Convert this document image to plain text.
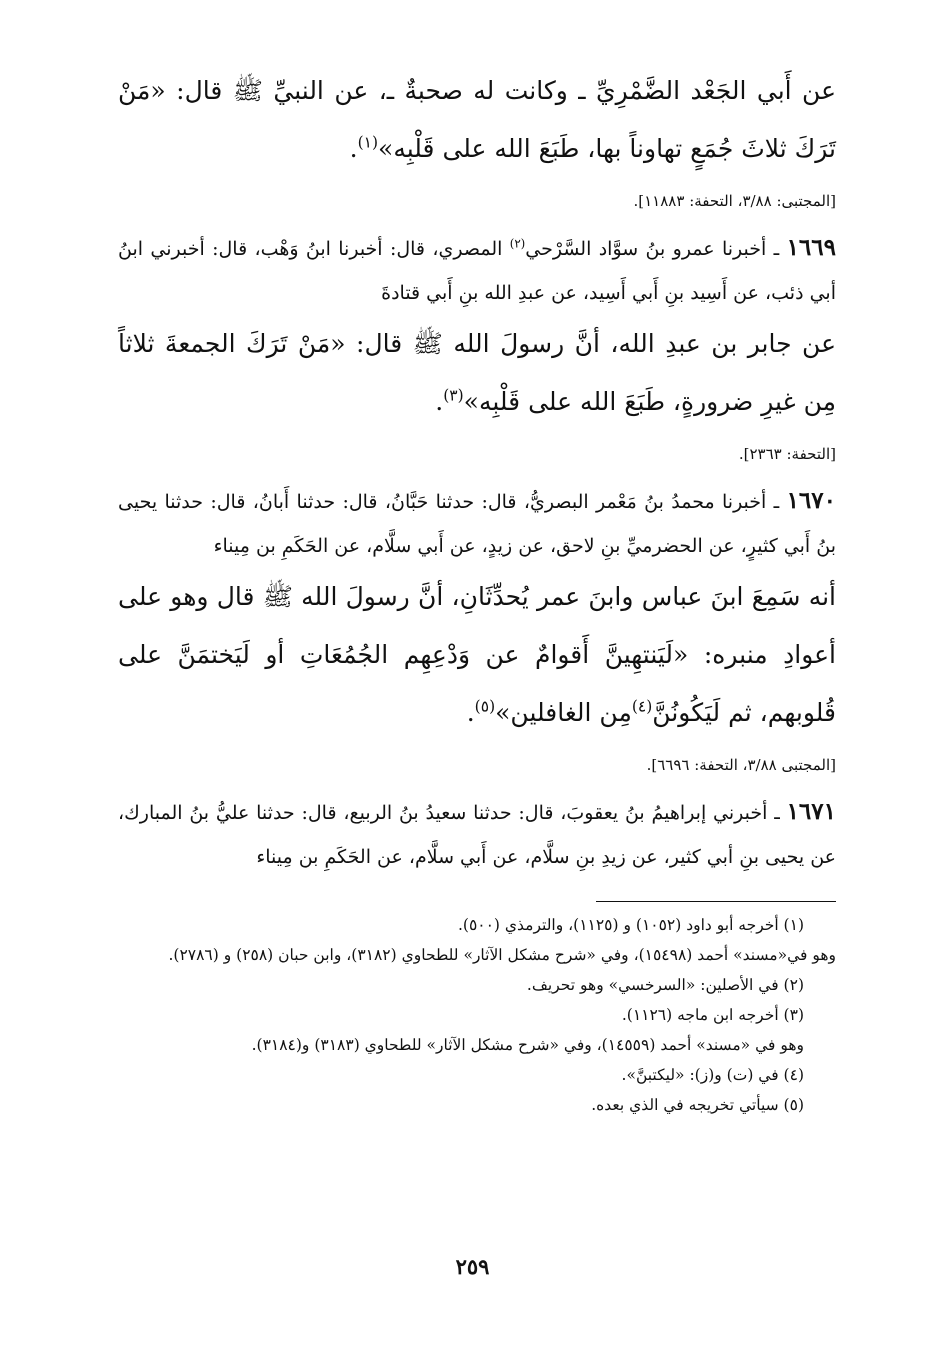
عن أَبي الجَعْد الضَّمْرِيِّ ـ وكانت له صحبةٌ ـ، عن النبيِّ ﷺ قال: «مَنْ تَرَكَ ثلاثَ جُمَعٍ تهاوناً بها، طَبَعَ الله على قَلْبِه»$^{(١)}$.

[المجتبى: ٣/٨٨، التحفة: ١١٨٨٣].

١٦٦٩ ـ أخبرنا عمرو بنُ سوَّاد السَّرْحي$^{(٢)}$ المصري، قال: أخبرنا ابنُ وَهْب، قال: أخبرني ابنُ أبي ذئب، عن أَسِيد بنِ أَبي أَسِيد، عن عبدِ الله بنِ أَبي قتادةَ

عن جابر بن عبدِ الله، أنَّ رسولَ الله ﷺ قال: «مَنْ تَرَكَ الجمعةَ ثلاثاً مِن غيرِ ضرورةٍ، طَبَعَ الله على قَلْبِه»$^{(٣)}$.

[التحفة: ٢٣٦٣].

١٦٧٠ ـ أخبرنا محمدُ بنُ مَعْمر البصريُّ، قال: حدثنا حَبَّانُ، قال: حدثنا أَبانُ، قال: حدثنا يحيى بنُ أَبي كثيرٍ، عن الحضرميِّ بنِ لاحق، عن زيدٍ، عن أَبي سلَّام، عن الحَكَمِ بن مِيناء

أنه سَمِعَ ابنَ عباس وابنَ عمر يُحدِّثَانِ، أنَّ رسولَ الله ﷺ قال وهو على أعوادِ منبره: «لَيَنتهِينَّ أَقوامٌ عن وَدْعِهِم الجُمُعَاتِ أو لَيَختمَنَّ على قُلوبهم، ثم لَيَكُونُنَّ$^{(٤)}$مِن الغافلين»$^{(٥)}$.

[المجتبى ٣/٨٨، التحفة: ٦٦٩٦].

١٦٧١ ـ أخبرني إبراهيمُ بنُ يعقوبَ، قال: حدثنا سعيدُ بنُ الربيع، قال: حدثنا عليُّ بنُ المبارك، عن يحيى بنِ أبي كثير، عن زيدِ بنِ سلَّام، عن أَبي سلَّام، عن الحَكَمِ بن مِيناء

(١) أخرجه أبو داود (١٠٥٢) و (١١٢٥)، والترمذي (٥٠٠).

وهو في«مسند» أحمد (١٥٤٩٨)، وفي «شرح مشكل الآثار» للطحاوي (٣١٨٢)، وابن حبان (٢٥٨) و (٢٧٨٦).

(٢) في الأصلين: «السرخسي» وهو تحريف.

(٣) أخرجه ابن ماجه (١١٢٦).

وهو في «مسند» أحمد (١٤٥٥٩)، وفي «شرح مشكل الآثار» للطحاوي (٣١٨٣) و(٣١٨٤).

(٤) في (ت) و(ز): «ليكتبنَّ».

(٥) سيأتي تخريجه في الذي بعده.

٢٥٩
